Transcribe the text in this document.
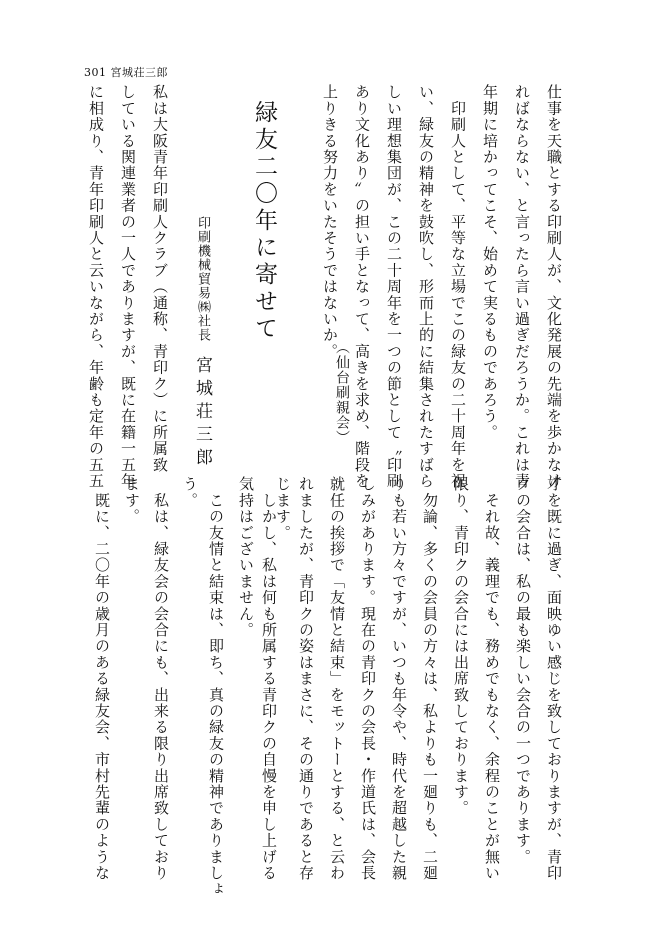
301 宮城荘三郎
仕事を天職とする印刷人が、文化発展の先端を歩かなけ
ればならない、と言ったら言い過ぎだろうか。これは青
年期に培かってこそ、始めて実るものであろう。
　印刷人として、平等な立場でこの緑友の二十周年を祝
い、緑友の精神を鼓吹し、形而上的に結集されたすばら
しい理想集団が、この二十周年を一つの節として〝印刷
あり文化あり〟の担い手となって、高きを求め、階段を
上りきる努力をいたそうではないか。
（仙台刷親会）
緑友二〇年に寄せて
印刷機械貿易㈱社長宮城荘三郎
私は大阪青年印刷人クラブ（通称、青印ク）に所属致
している関連業者の一人でありますが、既に在籍一五年
に相成り、青年印刷人と云いながら、年齢も定年の五五
才を既に過ぎ、面映ゆい感じを致しておりますが、青印
クの会合は、私の最も楽しい会合の一つであります。
　それ故、義理でも、務めでもなく、余程のことが無い
限り、青印クの会合には出席致しております。
　勿論、多くの会員の方々は、私よりも一廻りも、二廻
りも若い方々ですが、いつも年令や、時代を超越した親
しみがあります。現在の青印クの会長・作道氏は、会長
就任の挨拶で「友情と結束」をモットーとする、と云わ
れましたが、青印クの姿はまさに、その通りであると存
じます。
　しかし、私は何も所属する青印クの自慢を申し上げる
気持はございません。
　この友情と結束は、即ち、真の緑友の精神でありましょ
う。
　私は、緑友会の会合にも、出来る限り出席致しており
ます。
　既に、二〇年の歳月のある緑友会、市村先輩のような
